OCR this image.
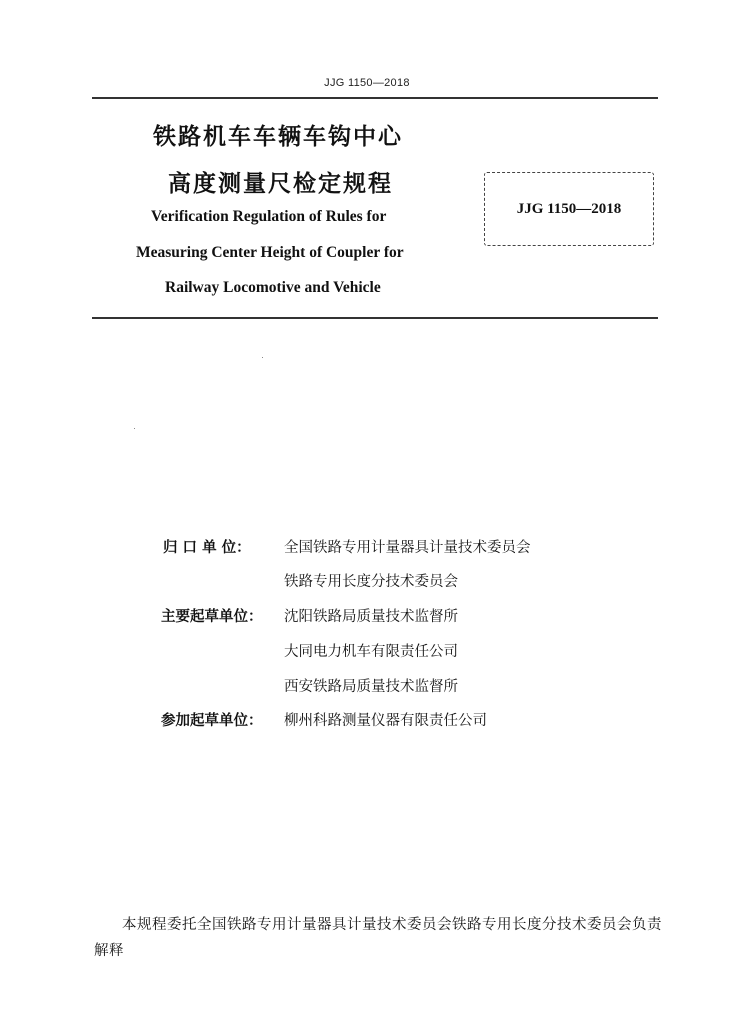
JJG 1150—2018
铁路机车车辆车钩中心
高度测量尺检定规程
Verification Regulation of Rules for
Measuring Center Height of Coupler for
Railway Locomotive and Vehicle
JJG 1150—2018
归 口 单 位： 全国铁路专用计量器具计量技术委员会
铁路专用长度分技术委员会
主要起草单位： 沈阳铁路局质量技术监督所
大同电力机车有限责任公司
西安铁路局质量技术监督所
参加起草单位： 柳州科路测量仪器有限责任公司
本规程委托全国铁路专用计量器具计量技术委员会铁路专用长度分技术委员会负责解释
